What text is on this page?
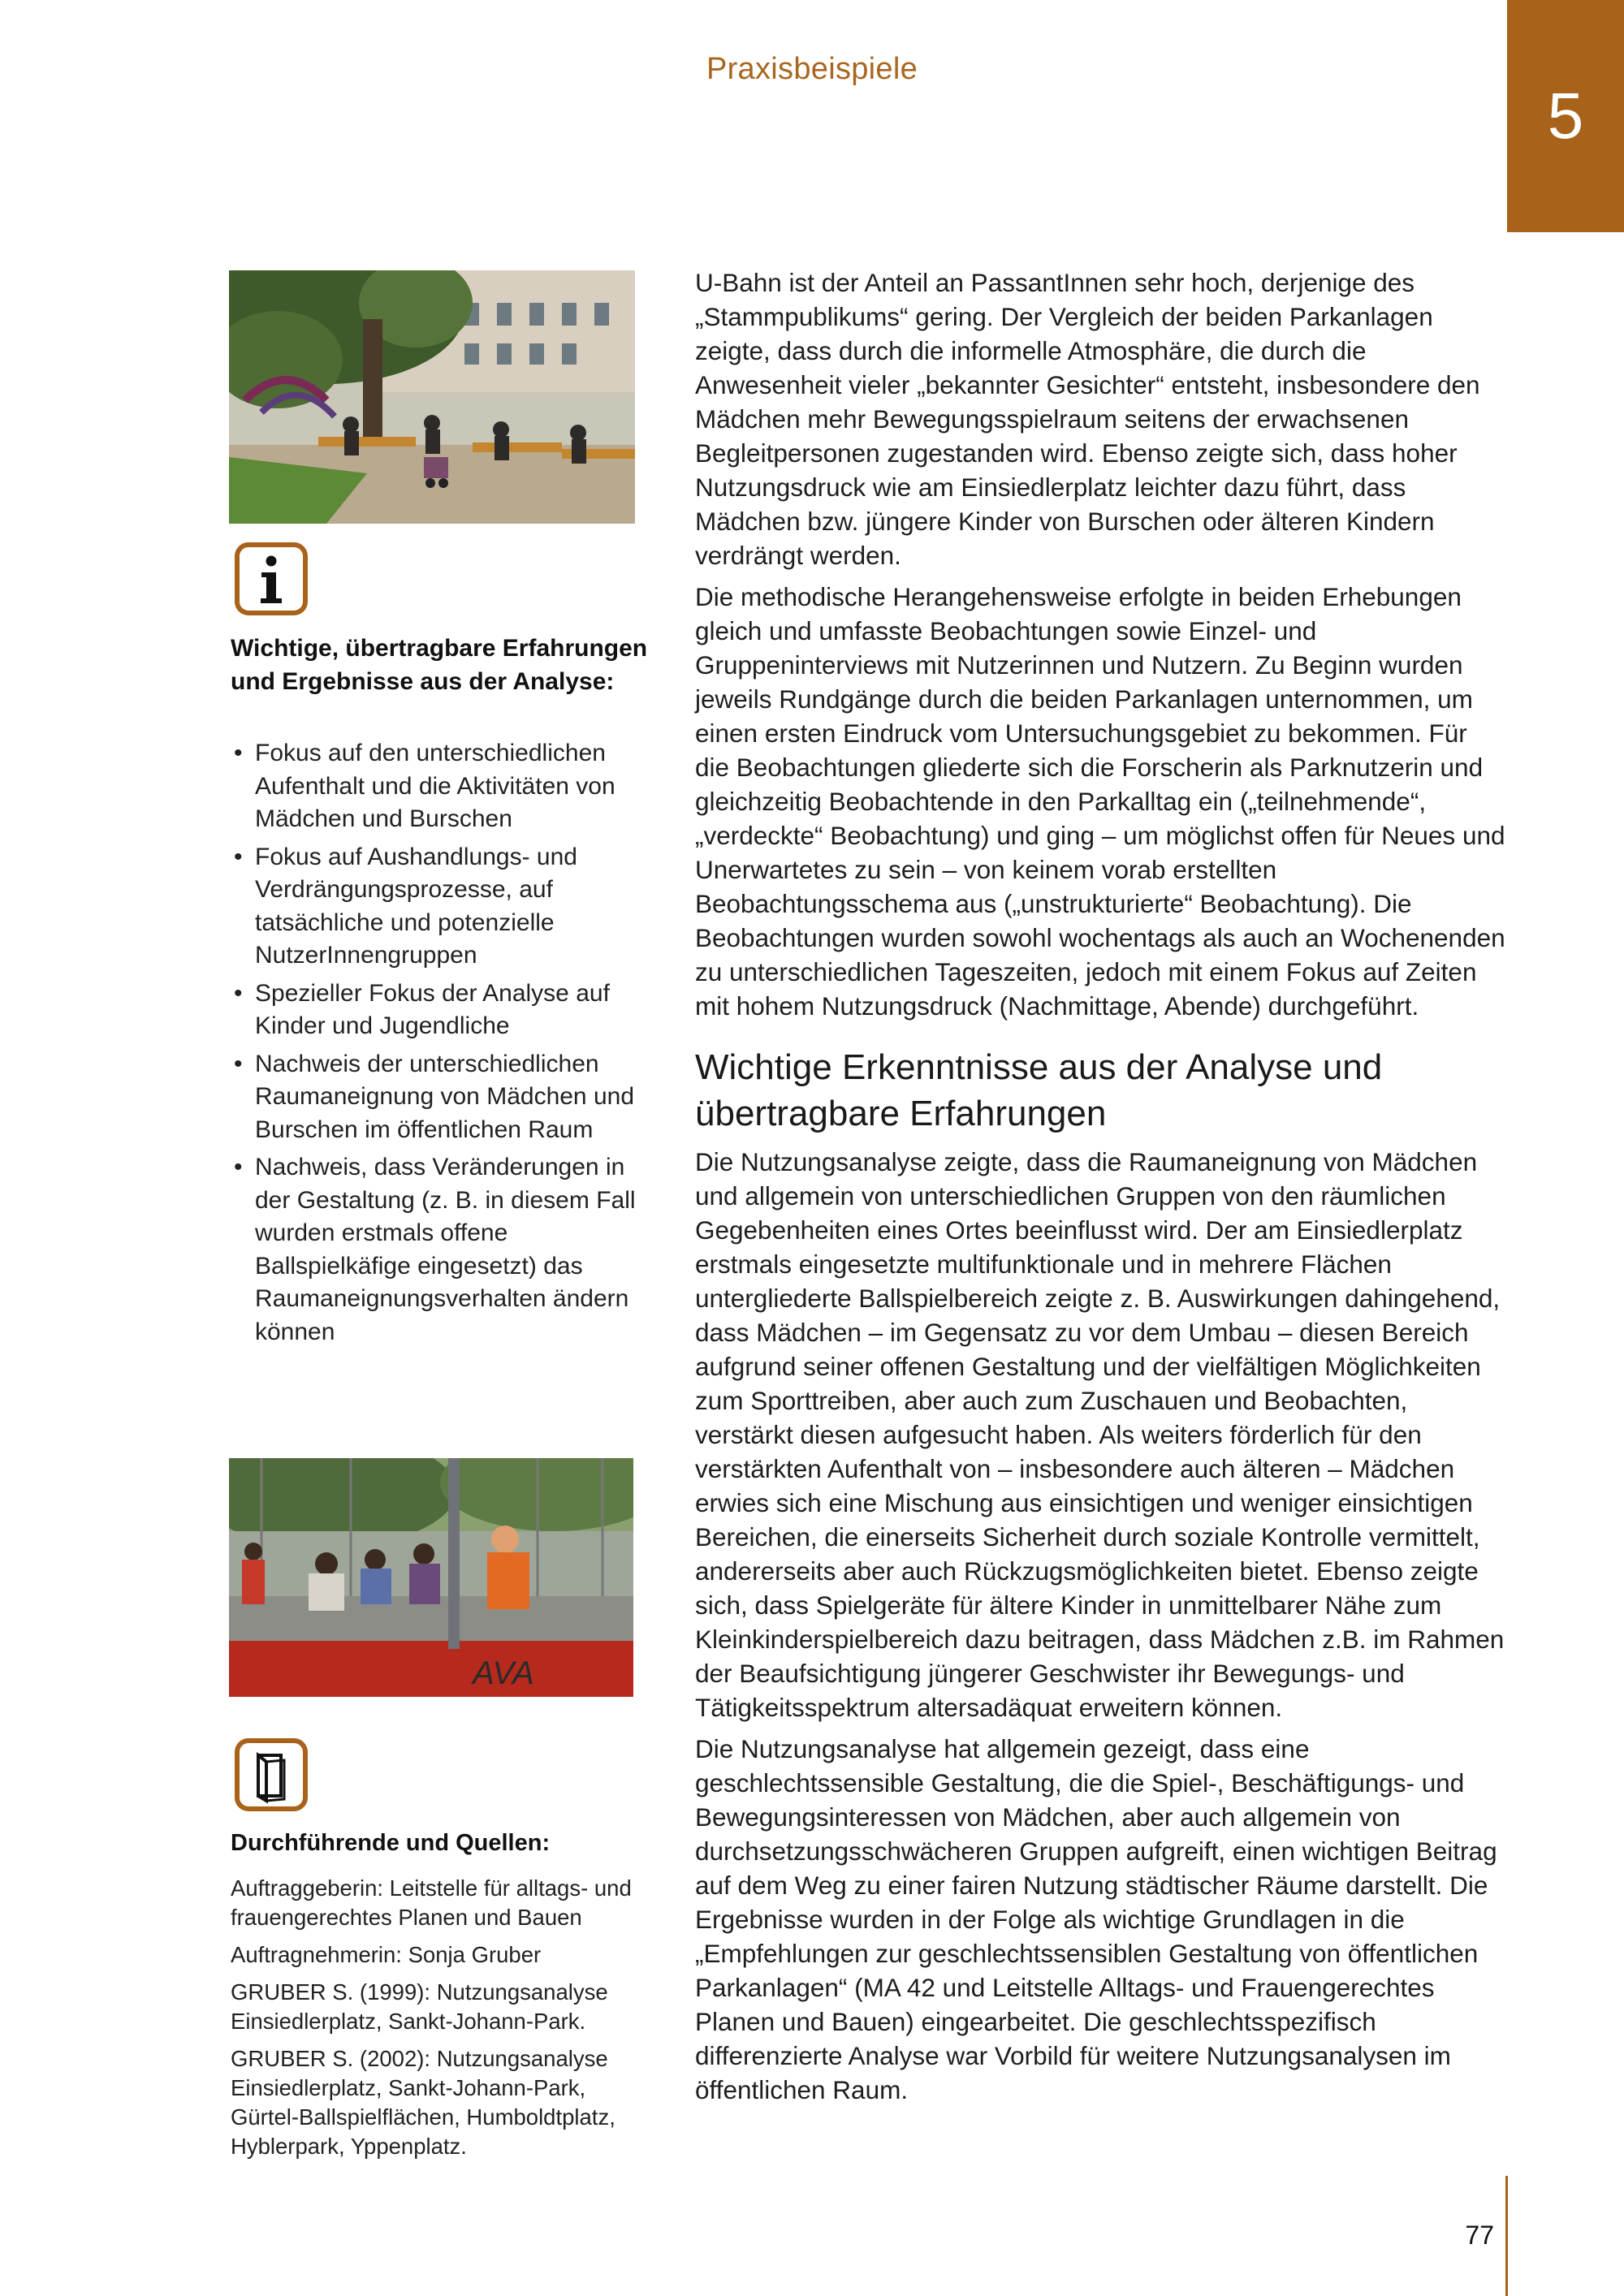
Praxisbeispiele
5
Wichtige, übertragbare Erfahrungen und Ergebnisse aus der Analyse:
• Fokus auf den unterschiedlichen Aufenthalt und die Aktivitäten von Mädchen und Burschen
• Fokus auf Aushandlungs- und Verdrängungsprozesse, auf tatsächliche und potenzielle NutzerInnengruppen
• Spezieller Fokus der Analyse auf Kinder und Jugendliche
• Nachweis der unterschiedlichen Raumaneignung von Mädchen und Burschen im öffentlichen Raum
• Nachweis, dass Veränderungen in der Gestaltung (z. B. in diesem Fall wurden erstmals offene Ballspielkäfige eingesetzt) das Raumaneignungsverhalten ändern können
AVA
Durchführende und Quellen:

Auftraggeberin: Leitstelle für alltags- und frauengerechtes Planen und Bauen

Auftragnehmerin: Sonja Gruber

GRUBER S. (1999): Nutzungsanalyse Einsiedlerplatz, Sankt-Johann-Park.

GRUBER S. (2002): Nutzungsanalyse Einsiedlerplatz, Sankt-Johann-Park, Gürtel-Ballspielflächen, Humboldtplatz, Hyblerpark, Yppenplatz.

U-Bahn ist der Anteil an PassantInnen sehr hoch, derjenige des „Stammpublikums“ gering. Der Vergleich der beiden Parkanlagen zeigte, dass durch die informelle Atmosphäre, die durch die Anwesenheit vieler „bekannter Gesichter“ entsteht, insbesondere den Mädchen mehr Bewegungsspielraum seitens der erwachsenen Begleitpersonen zugestanden wird. Ebenso zeigte sich, dass hoher Nutzungsdruck wie am Einsiedlerplatz leichter dazu führt, dass Mädchen bzw. jüngere Kinder von Burschen oder älteren Kindern verdrängt werden.

Die methodische Herangehensweise erfolgte in beiden Erhebungen gleich und umfasste Beobachtungen sowie Einzel- und Gruppeninterviews mit Nutzerinnen und Nutzern. Zu Beginn wurden jeweils Rundgänge durch die beiden Parkanlagen unternommen, um einen ersten Eindruck vom Untersuchungsgebiet zu bekommen. Für die Beobachtungen gliederte sich die Forscherin als Parknutzerin und gleichzeitig Beobachtende in den Parkalltag ein („teilnehmende“, „verdeckte“ Beobachtung) und ging – um möglichst offen für Neues und Unerwartetes zu sein – von keinem vorab erstellten Beobachtungsschema aus („unstrukturierte“ Beobachtung). Die Beobachtungen wurden sowohl wochentags als auch an Wochenenden zu unterschiedlichen Tageszeiten, jedoch mit einem Fokus auf Zeiten mit hohem Nutzungsdruck (Nachmittage, Abende) durchgeführt.

Wichtige Erkenntnisse aus der Analyse und übertragbare Erfahrungen

Die Nutzungsanalyse zeigte, dass die Raumaneignung von Mädchen und allgemein von unterschiedlichen Gruppen von den räumlichen Gegebenheiten eines Ortes beeinflusst wird. Der am Einsiedlerplatz erstmals eingesetzte multifunktionale und in mehrere Flächen untergliederte Ballspielbereich zeigte z. B. Auswirkungen dahingehend, dass Mädchen – im Gegensatz zu vor dem Umbau – diesen Bereich aufgrund seiner offenen Gestaltung und der vielfältigen Möglichkeiten zum Sporttreiben, aber auch zum Zuschauen und Beobachten, verstärkt diesen aufgesucht haben. Als weiters förderlich für den verstärkten Aufenthalt von – insbesondere auch älteren – Mädchen erwies sich eine Mischung aus einsichtigen und weniger einsichtigen Bereichen, die einerseits Sicherheit durch soziale Kontrolle vermittelt, andererseits aber auch Rückzugsmöglichkeiten bietet. Ebenso zeigte sich, dass Spielgeräte für ältere Kinder in unmittelbarer Nähe zum Kleinkinderspielbereich dazu beitragen, dass Mädchen z.B. im Rahmen der Beaufsichtigung jüngerer Geschwister ihr Bewegungs- und Tätigkeitsspektrum altersadäquat erweitern können.

Die Nutzungsanalyse hat allgemein gezeigt, dass eine geschlechtssensible Gestaltung, die die Spiel-, Beschäftigungs- und Bewegungsinteressen von Mädchen, aber auch allgemein von durchsetzungsschwächeren Gruppen aufgreift, einen wichtigen Beitrag auf dem Weg zu einer fairen Nutzung städtischer Räume darstellt. Die Ergebnisse wurden in der Folge als wichtige Grundlagen in die „Empfehlungen zur geschlechtssensiblen Gestaltung von öffentlichen Parkanlagen“ (MA 42 und Leitstelle Alltags- und Frauengerechtes Planen und Bauen) eingearbeitet. Die geschlechtsspezifisch differenzierte Analyse war Vorbild für weitere Nutzungsanalysen im öffentlichen Raum.

77
